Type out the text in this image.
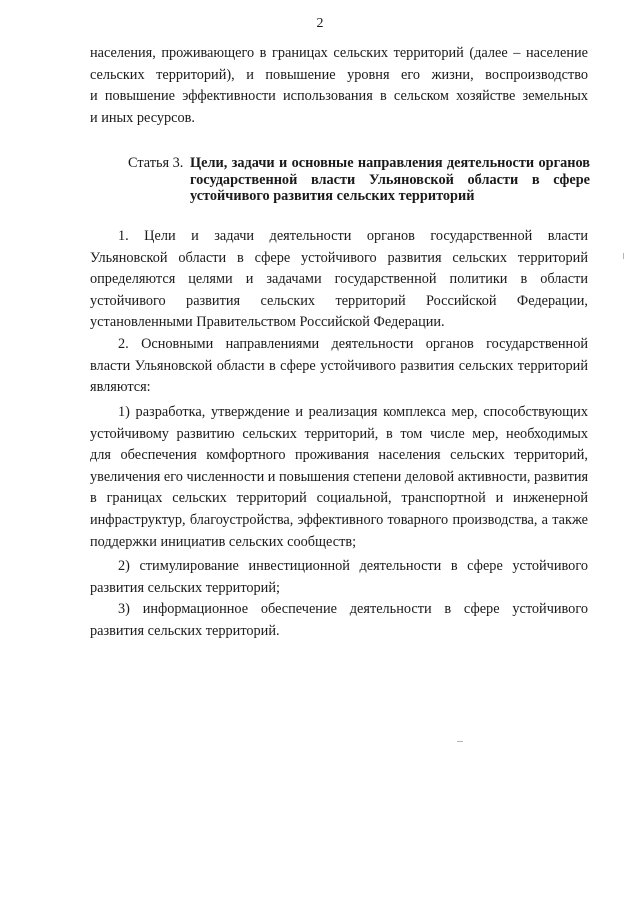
2
населения, проживающего в границах сельских территорий (далее – население
сельских территорий), и повышение уровня его жизни, воспроизводство
и повышение эффективности использования в сельском хозяйстве земельных
и иных ресурсов.
Статья 3. Цели, задачи и основные направления деятельности органов
государственной власти Ульяновской области в сфере
устойчивого развития сельских территорий
1. Цели и задачи деятельности органов государственной власти
Ульяновской области в сфере устойчивого развития сельских территорий
определяются целями и задачами государственной политики в области
устойчивого развития сельских территорий Российской Федерации,
установленными Правительством Российской Федерации.
2. Основными направлениями деятельности органов государственной
власти Ульяновской области в сфере устойчивого развития сельских территорий
являются:
1) разработка, утверждение и реализация комплекса мер, способствующих
устойчивому развитию сельских территорий, в том числе мер, необходимых
для обеспечения комфортного проживания населения сельских территорий,
увеличения его численности и повышения степени деловой активности, развития
в границах сельских территорий социальной, транспортной и инженерной
инфраструктур, благоустройства, эффективного товарного производства, а также
поддержки инициатив сельских сообществ;
2) стимулирование инвестиционной деятельности в сфере устойчивого
развития сельских территорий;
3) информационное обеспечение деятельности в сфере устойчивого
развития сельских территорий.
